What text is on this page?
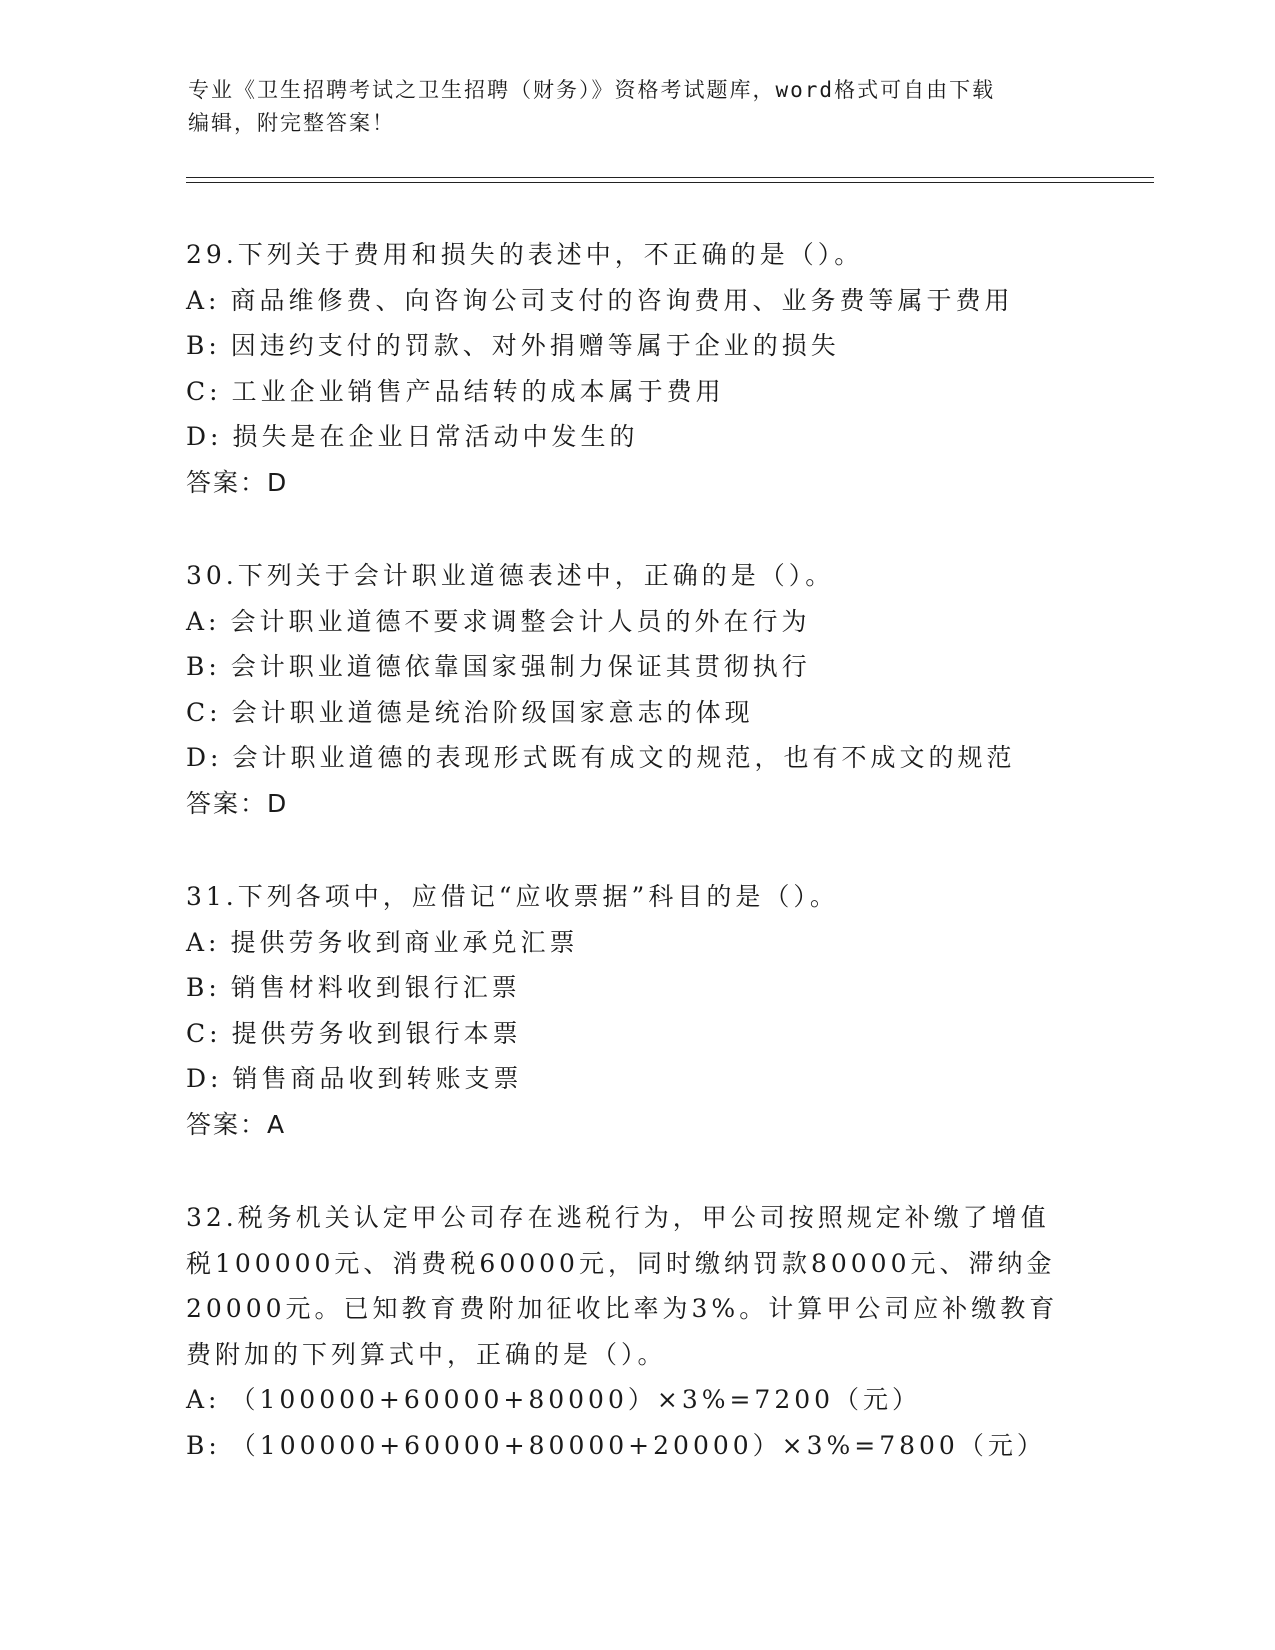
专业《卫生招聘考试之卫生招聘（财务）》资格考试题库，word格式可自由下载
编辑，附完整答案！
29.下列关于费用和损失的表述中，不正确的是（）。
A: 商品维修费、向咨询公司支付的咨询费用、业务费等属于费用
B: 因违约支付的罚款、对外捐赠等属于企业的损失
C: 工业企业销售产品结转的成本属于费用
D: 损失是在企业日常活动中发生的
答案：D
30.下列关于会计职业道德表述中，正确的是（）。
A: 会计职业道德不要求调整会计人员的外在行为
B: 会计职业道德依靠国家强制力保证其贯彻执行
C: 会计职业道德是统治阶级国家意志的体现
D: 会计职业道德的表现形式既有成文的规范，也有不成文的规范
答案：D
31.下列各项中，应借记“应收票据”科目的是（）。
A: 提供劳务收到商业承兑汇票
B: 销售材料收到银行汇票
C: 提供劳务收到银行本票
D: 销售商品收到转账支票
答案：A
32.税务机关认定甲公司存在逃税行为，甲公司按照规定补缴了增值税100000元、消费税60000元，同时缴纳罚款80000元、滞纳金20000元。已知教育费附加征收比率为3%。计算甲公司应补缴教育费附加的下列算式中，正确的是（）。
A: （100000+60000+80000）×3%=7200（元）
B: （100000+60000+80000+20000）×3%=7800（元）
